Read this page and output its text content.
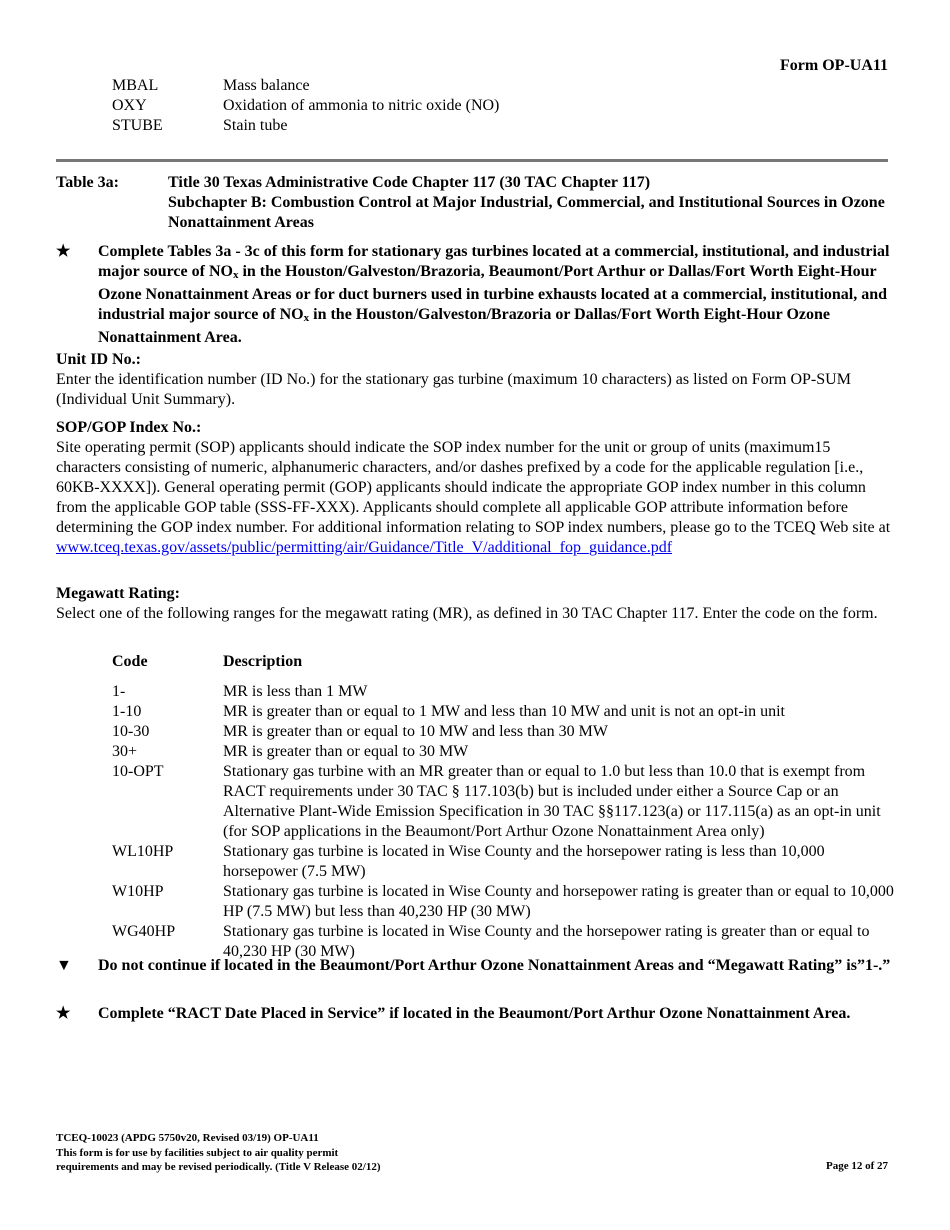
Form OP-UA11
MBAL	Mass balance
OXY	Oxidation of ammonia to nitric oxide (NO)
STUBE	Stain tube
Table 3a:	Title 30 Texas Administrative Code Chapter 117 (30 TAC Chapter 117)
Subchapter B: Combustion Control at Major Industrial, Commercial, and Institutional Sources in Ozone Nonattainment Areas
★	Complete Tables 3a - 3c of this form for stationary gas turbines located at a commercial, institutional, and industrial major source of NOx in the Houston/Galveston/Brazoria, Beaumont/Port Arthur or Dallas/Fort Worth Eight-Hour Ozone Nonattainment Areas or for duct burners used in turbine exhausts located at a commercial, institutional, and industrial major source of NOx in the Houston/Galveston/Brazoria or Dallas/Fort Worth Eight-Hour Ozone Nonattainment Area.
Unit ID No.:
Enter the identification number (ID No.) for the stationary gas turbine (maximum 10 characters) as listed on Form OP-SUM (Individual Unit Summary).
SOP/GOP Index No.:
Site operating permit (SOP) applicants should indicate the SOP index number for the unit or group of units (maximum15 characters consisting of numeric, alphanumeric characters, and/or dashes prefixed by a code for the applicable regulation [i.e., 60KB-XXXX]). General operating permit (GOP) applicants should indicate the appropriate GOP index number in this column from the applicable GOP table (SSS-FF-XXX). Applicants should complete all applicable GOP attribute information before determining the GOP index number. For additional information relating to SOP index numbers, please go to the TCEQ Web site at
www.tceq.texas.gov/assets/public/permitting/air/Guidance/Title_V/additional_fop_guidance.pdf
Megawatt Rating:
Select one of the following ranges for the megawatt rating (MR), as defined in 30 TAC Chapter 117. Enter the code on the form.
Code	Description
1-	MR is less than 1 MW
1-10	MR is greater than or equal to 1 MW and less than 10 MW and unit is not an opt-in unit
10-30	MR is greater than or equal to 10 MW and less than 30 MW
30+	MR is greater than or equal to 30 MW
10-OPT	Stationary gas turbine with an MR greater than or equal to 1.0 but less than 10.0 that is exempt from RACT requirements under 30 TAC § 117.103(b) but is included under either a Source Cap or an Alternative Plant-Wide Emission Specification in 30 TAC §§117.123(a) or 117.115(a) as an opt-in unit (for SOP applications in the Beaumont/Port Arthur Ozone Nonattainment Area only)
WL10HP	Stationary gas turbine is located in Wise County and the horsepower rating is less than 10,000 horsepower (7.5 MW)
W10HP	Stationary gas turbine is located in Wise County and horsepower rating is greater than or equal to 10,000 HP (7.5 MW) but less than 40,230 HP (30 MW)
WG40HP	Stationary gas turbine is located in Wise County and the horsepower rating is greater than or equal to 40,230 HP (30 MW)
▼	Do not continue if located in the Beaumont/Port Arthur Ozone Nonattainment Areas and “Megawatt Rating” is”1-.”
★	Complete “RACT Date Placed in Service” if located in the Beaumont/Port Arthur Ozone Nonattainment Area.
TCEQ-10023 (APDG 5750v20, Revised 03/19) OP-UA11
This form is for use by facilities subject to air quality permit
requirements and may be revised periodically. (Title V Release 02/12)	Page 12 of 27
